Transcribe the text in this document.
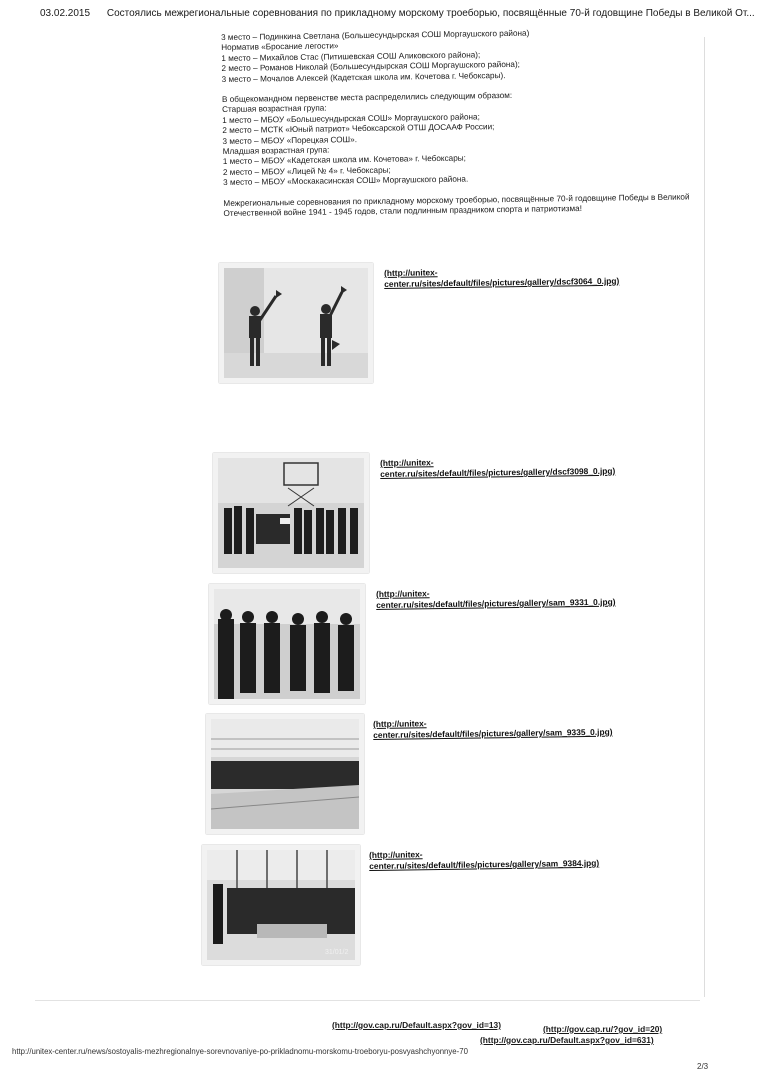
03.02.2015 Состоялись межрегиональные соревнования по прикладному морскому троеборью, посвящённые 70-й годовщине Победы в Великой От...
3 место – Подинкина Светлана (Большесундырская СОШ Моргаушского района)
Норматив «Бросание легости»
1 место – Михайлов Стас (Питишевская СОШ Аликовского района);
2 место – Романов Николай (Большесундырская СОШ Моргаушского района);
3 место – Мочалов Алексей (Кадетская школа им. Кочетова г. Чебоксары).
В общекомандном первенстве места распределились следующим образом:
Старшая возрастная група:
1 место – МБОУ «Большесундырская СОШ» Моргаушского района;
2 место – МСТК «Юный патриот» Чебоксарской ОТШ ДОСААФ России;
3 место – МБОУ «Порецкая СОШ».
Младшая возрастная група:
1 место – МБОУ «Кадетская школа им. Кочетова» г. Чебоксары;
2 место – МБОУ «Лицей № 4» г. Чебоксары;
3 место – МБОУ «Москакасинская СОШ» Моргаушского района.
Межрегиональные соревнования по прикладному морскому троеборью, посвящённые 70-й годовщине Победы в Великой Отечественной войне 1941 - 1945 годов, стали подлинным праздником спорта и патриотизма!
(http://unitex-
center.ru/sites/default/files/pictures/gallery/dscf3064_0.jpg)
(http://unitex-
center.ru/sites/default/files/pictures/gallery/dscf3098_0.jpg)
(http://unitex-
center.ru/sites/default/files/pictures/gallery/sam_9331_0.jpg)
(http://unitex-
center.ru/sites/default/files/pictures/gallery/sam_9335_0.jpg)
31/01/2
(http://unitex-
center.ru/sites/default/files/pictures/gallery/sam_9384.jpg)
(http://gov.cap.ru/Default.aspx?gov_id=13)	(http://gov.cap.ru/?gov_id=20)
(http://gov.cap.ru/Default.aspx?gov_id=631)
http://unitex-center.ru/news/sostoyalis-mezhregionalnye-sorevnovaniye-po-prikladnomu-morskomu-troeboryu-posvyashchyonnye-70
2/3
